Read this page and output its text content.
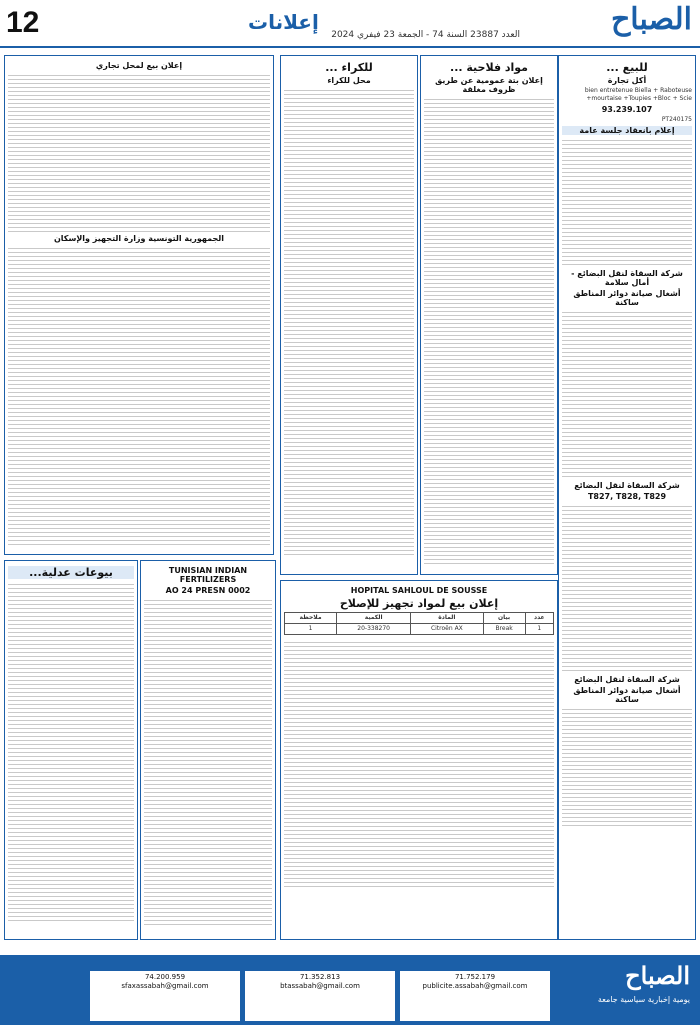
12	إعلانات	الصباح
العدد 23887 السنة 74 - الجمعة 23 فيفري 2024
للبيع ...
أكل تجارة
bien entretenue Biella + Raboteuse +mourtaise +Toupies +Bloc + Scie
93.239.107
PT240175
إعلام بانعقاد جلسة عامة
شركة السقاة لنقل البضائع - أمال سلامة
أشغال صيانة دوائر المناطق ساكنة
شركة السقاة لنقل البضائع
T827, T828, T829
شركة السقاة لنقل البضائع
أشغال صيانة دوائر المناطق ساكنة
مواد فلاحية ...
إعلان بتة عمومية عن طريق ظروف مغلقة
للكراء ...
محل للكراء
إعلان بيع لمحل تجاري
الجمهورية التونسية وزارة التجهيز والإسكان
HOPITAL SAHLOUL DE SOUSSE
إعلان بيع لمواد تجهيز للإصلاح
عدد	بيان	المادة	الكمية	ملاحظة
1	Break	Citroën AX	20-338270	1
TUNISIAN INDIAN FERTILIZERS
AO 24 PRESN 0002
بيوعات عدلية...
الصباح
يومية إخبارية سياسية جامعة
71.752.179
publicite.assabah@gmail.com
71.352.813
btassabah@gmail.com
74.200.959
sfaxassabah@gmail.com
